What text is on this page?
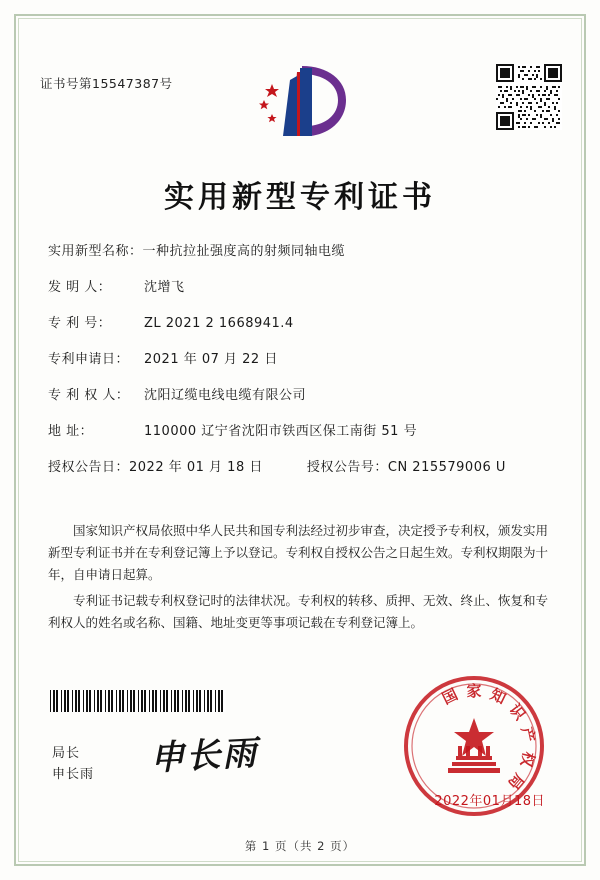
证书号第15547387号
实用新型专利证书
实用新型名称： 一种抗拉扯强度高的射频同轴电缆
发 明 人：	沈增飞
专 利 号：	ZL 2021 2 1668941.4
专利申请日：	2021 年 07 月 22 日
专 利 权 人：	沈阳辽缆电线电缆有限公司
地 址：	110000 辽宁省沈阳市铁西区保工南街 51 号
授权公告日： 2022 年 01 月 18 日	授权公告号： CN 215579006 U

国家知识产权局依照中华人民共和国专利法经过初步审查，决定授予专利权，颁发实用新型专利证书并在专利登记簿上予以登记。专利权自授权公告之日起生效。专利权期限为十年，自申请日起算。

专利证书记载专利权登记时的法律状况。专利权的转移、质押、无效、终止、恢复和专利权人的姓名或名称、国籍、地址变更等事项记载在专利登记簿上。

局长
申长雨 申长雨
家
国 知
识
产
权
局
2022年01月18日
第 1 页（共 2 页）
